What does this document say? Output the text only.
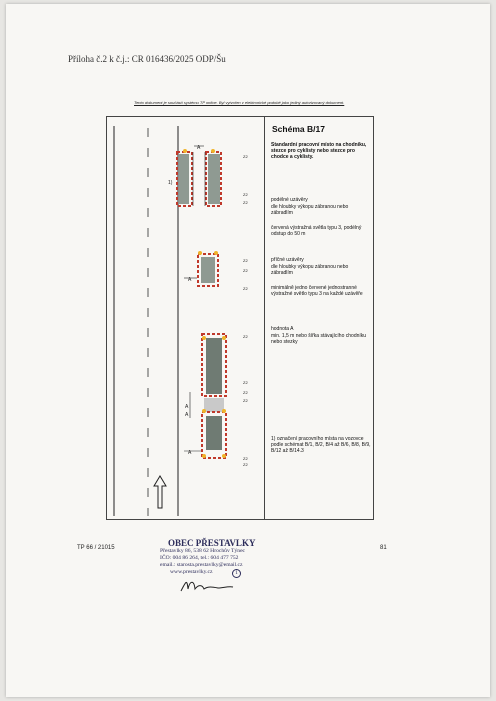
Příloha č.2 k č.j.: CR 016436/2025 ODP/Šu
Tento dokument je součástí systému TP online. Byl vytvořen v elektronické podobě jako jediný autorizovaný dokument.
Z2
Z2
Z2
Z2
Z2
Z2
Z2
Z2
Z2
Z2
Z2
Z2
A
A
A
A
A
1)
Schéma B/17
Standardní pracovní místo na chodníku, stezce pro cyklisty nebo stezce pro chodce a cyklisty.
podélné uzávěry
dle hloubky výkopu zábranou nebo zábradlím
červená výstražná světla typu 3, podélný odstup do 50 m
příčné uzávěry
dle hloubky výkopu zábranou nebo zábradlím
minimálně jedno červené jednostranné výstražné světlo typu 3 na každé uzávěře
hodnota A
min. 1,5 m nebo šířka stávajícího chodníku nebo stezky
1) označení pracovního místa na vozovce podle schémat B/1, B/2, B/4 až B/6, B/8, B/9, B/12 až B/14.3
TP 66 / 21015	81
OBEC PŘESTAVLKY
Přestavlky 86, 538 62 Hrochův Týnec
IČO: 004 86 264, tel.: 604 477 752
email.: starosta.prestavlky@email.cz
www.prestavlky.cz	1
